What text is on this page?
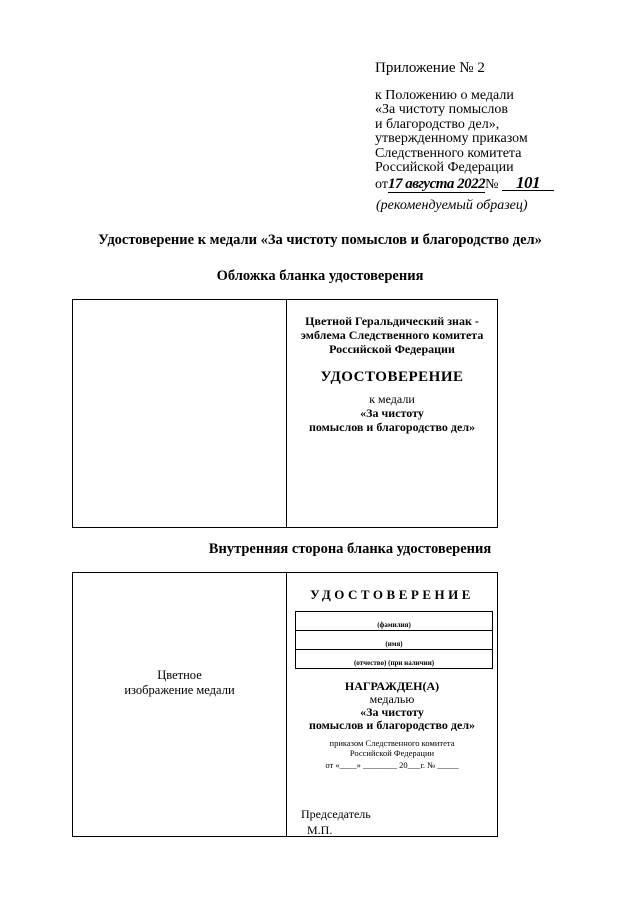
Приложение № 2
к Положению о медали
«За чистоту помыслов
и благородство дел»,
утвержденному приказом
Следственного комитета
Российской Федерации
от17 августа 2022№ 101
(рекомендуемый образец)
Удостоверение к медали «За чистоту помыслов и благородство дел»
Обложка бланка удостоверения
Цветной Геральдический знак -
эмблема Следственного комитета
Российской Федерации
УДОСТОВЕРЕНИЕ
к медали
«За чистоту
помыслов и благородство дел»
Внутренняя сторона бланка удостоверения
Цветное
изображение медали
УДОСТОВЕРЕНИЕ
(фамилия)
(имя)
(отчество) (при наличии)
НАГРАЖДЕН(А)
медалью
«За чистоту
помыслов и благородство дел»
приказом Следственного комитета
Российской Федерации
от «____» ________ 20___г. № _____
Председатель
М.П.
